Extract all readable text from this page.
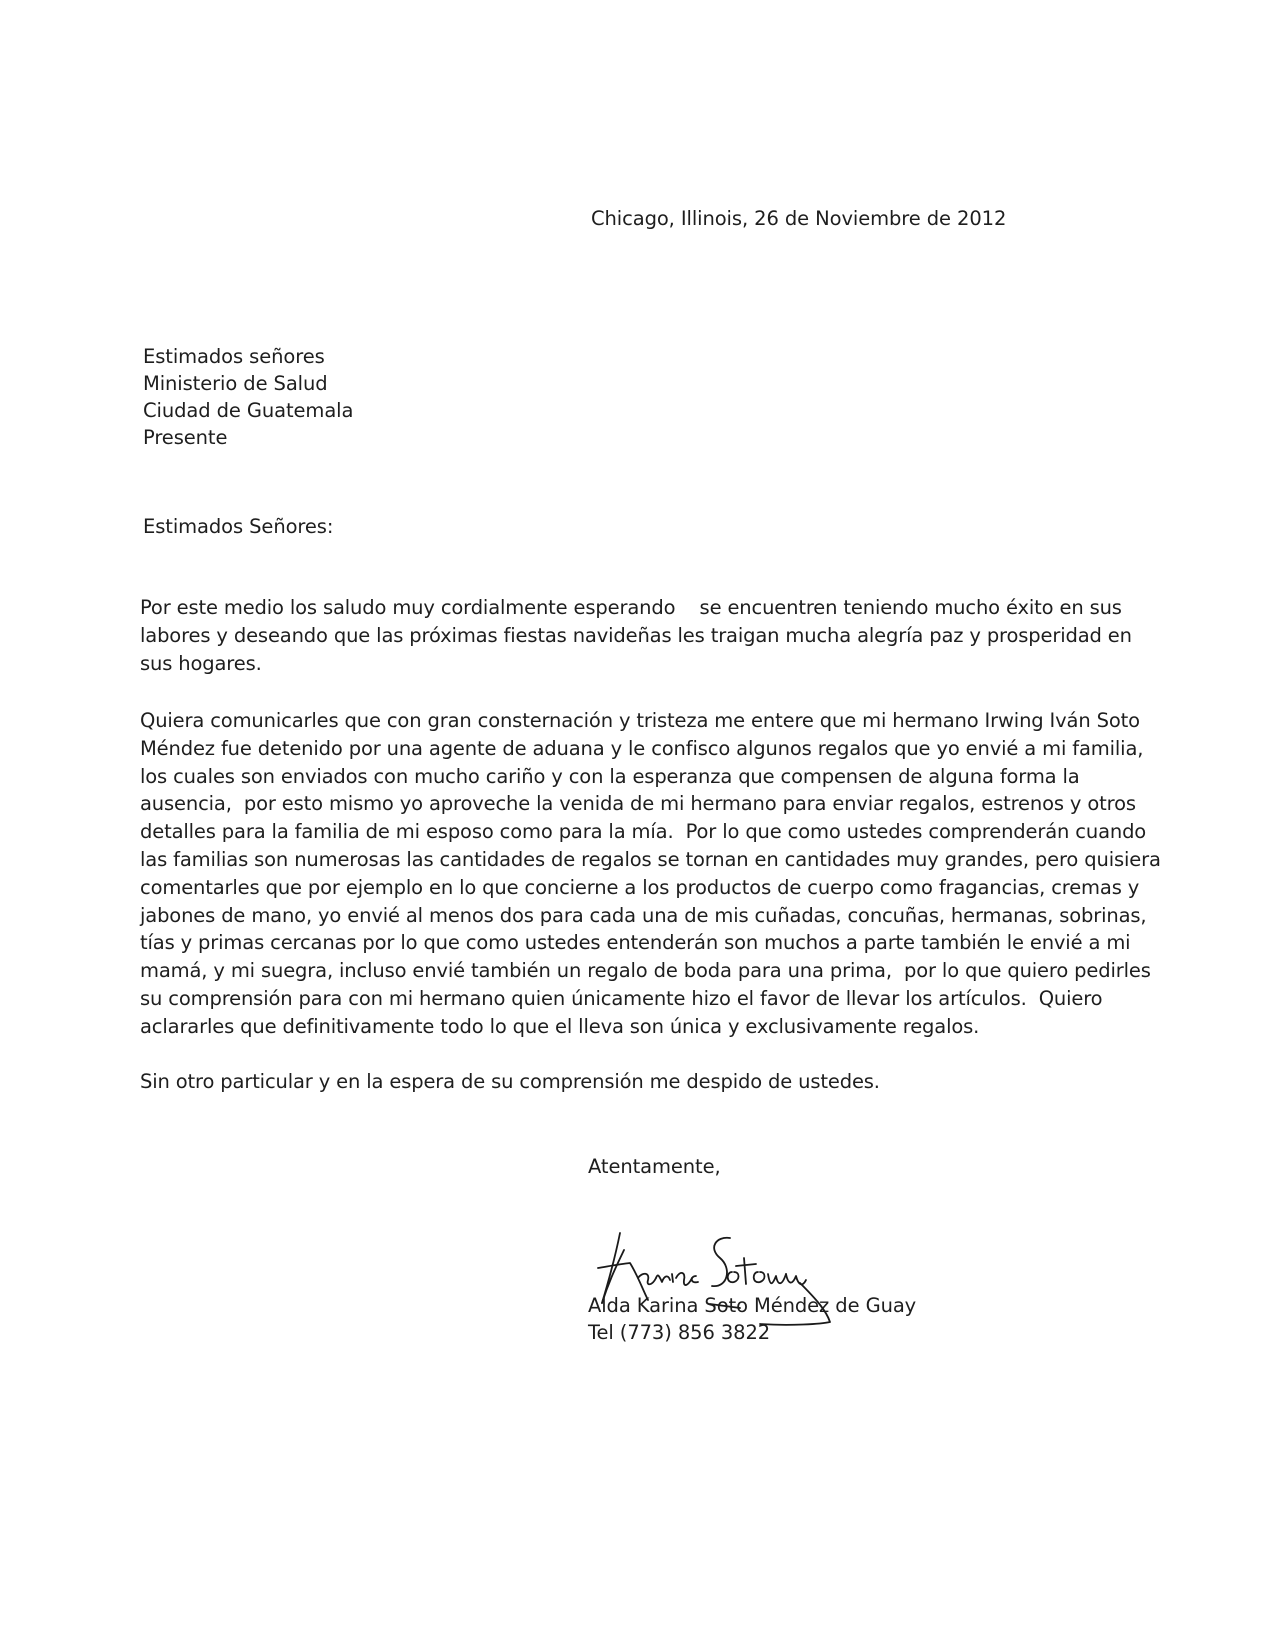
Chicago, Illinois, 26 de Noviembre de 2012

Estimados señores
Ministerio de Salud
Ciudad de Guatemala
Presente

Estimados Señores:

Por este medio los saludo muy cordialmente esperando    se encuentren teniendo mucho éxito en sus
labores y deseando que las próximas fiestas navideñas les traigan mucha alegría paz y prosperidad en
sus hogares.
Quiera comunicarles que con gran consternación y tristeza me entere que mi hermano Irwing Iván Soto
Méndez fue detenido por una agente de aduana y le confisco algunos regalos que yo envié a mi familia,
los cuales son enviados con mucho cariño y con la esperanza que compensen de alguna forma la
ausencia,  por esto mismo yo aproveche la venida de mi hermano para enviar regalos, estrenos y otros
detalles para la familia de mi esposo como para la mía.  Por lo que como ustedes comprenderán cuando
las familias son numerosas las cantidades de regalos se tornan en cantidades muy grandes, pero quisiera
comentarles que por ejemplo en lo que concierne a los productos de cuerpo como fragancias, cremas y
jabones de mano, yo envié al menos dos para cada una de mis cuñadas, concuñas, hermanas, sobrinas,
tías y primas cercanas por lo que como ustedes entenderán son muchos a parte también le envié a mi
mamá, y mi suegra, incluso envié también un regalo de boda para una prima,  por lo que quiero pedirles
su comprensión para con mi hermano quien únicamente hizo el favor de llevar los artículos.  Quiero
aclararles que definitivamente todo lo que el lleva son única y exclusivamente regalos.

Sin otro particular y en la espera de su comprensión me despido de ustedes.

Atentamente,

Alda Karina Soto Méndez de Guay

Tel (773) 856 3822
